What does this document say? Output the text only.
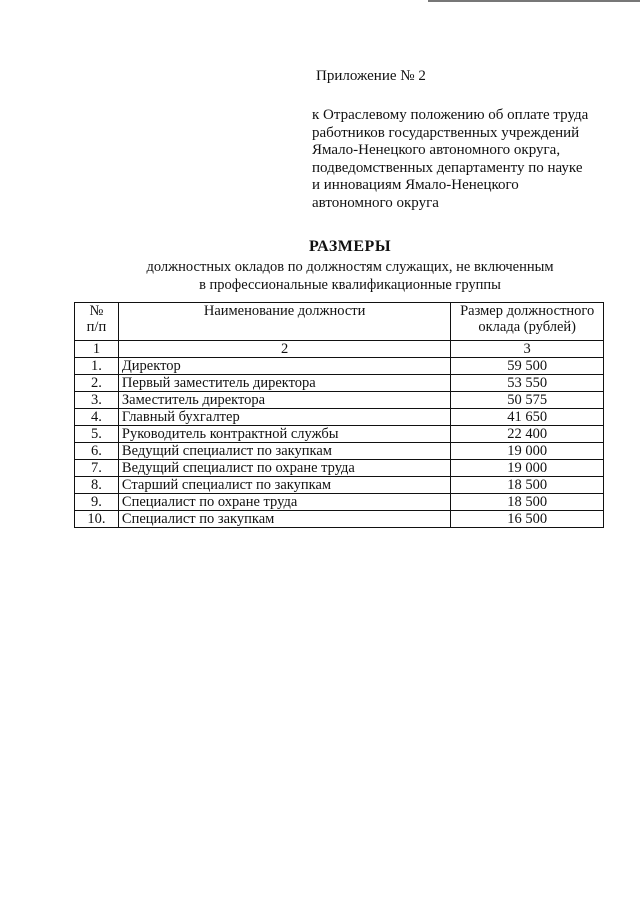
Приложение № 2
к Отраслевому положению об оплате труда
работников государственных учреждений
Ямало-Ненецкого автономного округа,
подведомственных департаменту по науке
и инновациям Ямало-Ненецкого
автономного округа
РАЗМЕРЫ
должностных окладов по должностям служащих, не включенным
в профессиональные квалификационные группы
№
п/п	Наименование должности	Размер должностного оклада (рублей)
1	2	3
1.	Директор	59 500
2.	Первый заместитель директора	53 550
3.	Заместитель директора	50 575
4.	Главный бухгалтер	41 650
5.	Руководитель контрактной службы	22 400
6.	Ведущий специалист по закупкам	19 000
7.	Ведущий специалист по охране труда	19 000
8.	Старший специалист по закупкам	18 500
9.	Специалист по охране труда	18 500
10.	Специалист по закупкам	16 500
